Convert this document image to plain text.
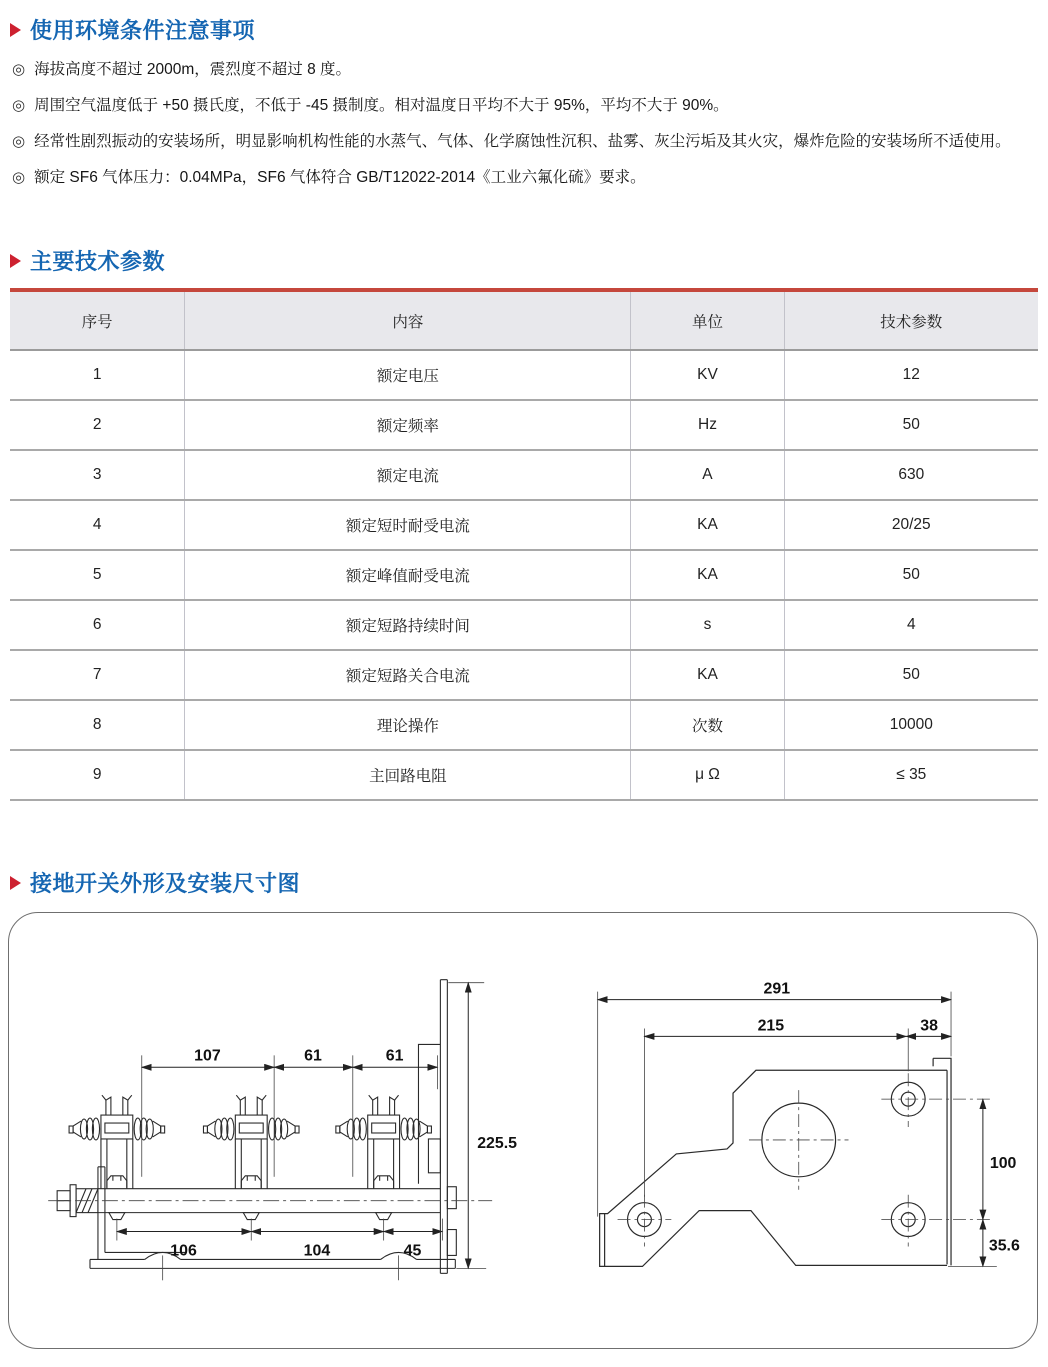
使用环境条件注意事项
◎ 海拔高度不超过 2000m，震烈度不超过 8 度。
◎ 周围空气温度低于 +50 摄氏度，不低于 -45 摄制度。相对温度日平均不大于 95%，平均不大于 90%。
◎ 经常性剧烈振动的安装场所，明显影响机构性能的水蒸气、气体、化学腐蚀性沉积、盐雾、灰尘污垢及其火灾，爆炸危险的安装场所不适使用。
◎ 额定 SF6 气体压力：0.04MPa，SF6 气体符合 GB/T12022-2014《工业六氟化硫》要求。
主要技术参数
序号	内容	单位	技术参数
1	额定电压	KV	12
2	额定频率	Hz	50
3	额定电流	A	630
4	额定短时耐受电流	KA	20/25
5	额定峰值耐受电流	KA	50
6	额定短路持续时间	s	4
7	额定短路关合电流	KA	50
8	理论操作	次数	10000
9	主回路电阻	μ Ω	≤ 35
接地开关外形及安装尺寸图
107	61	61
225.5
106	104	45
291
215	38
100
35.6
